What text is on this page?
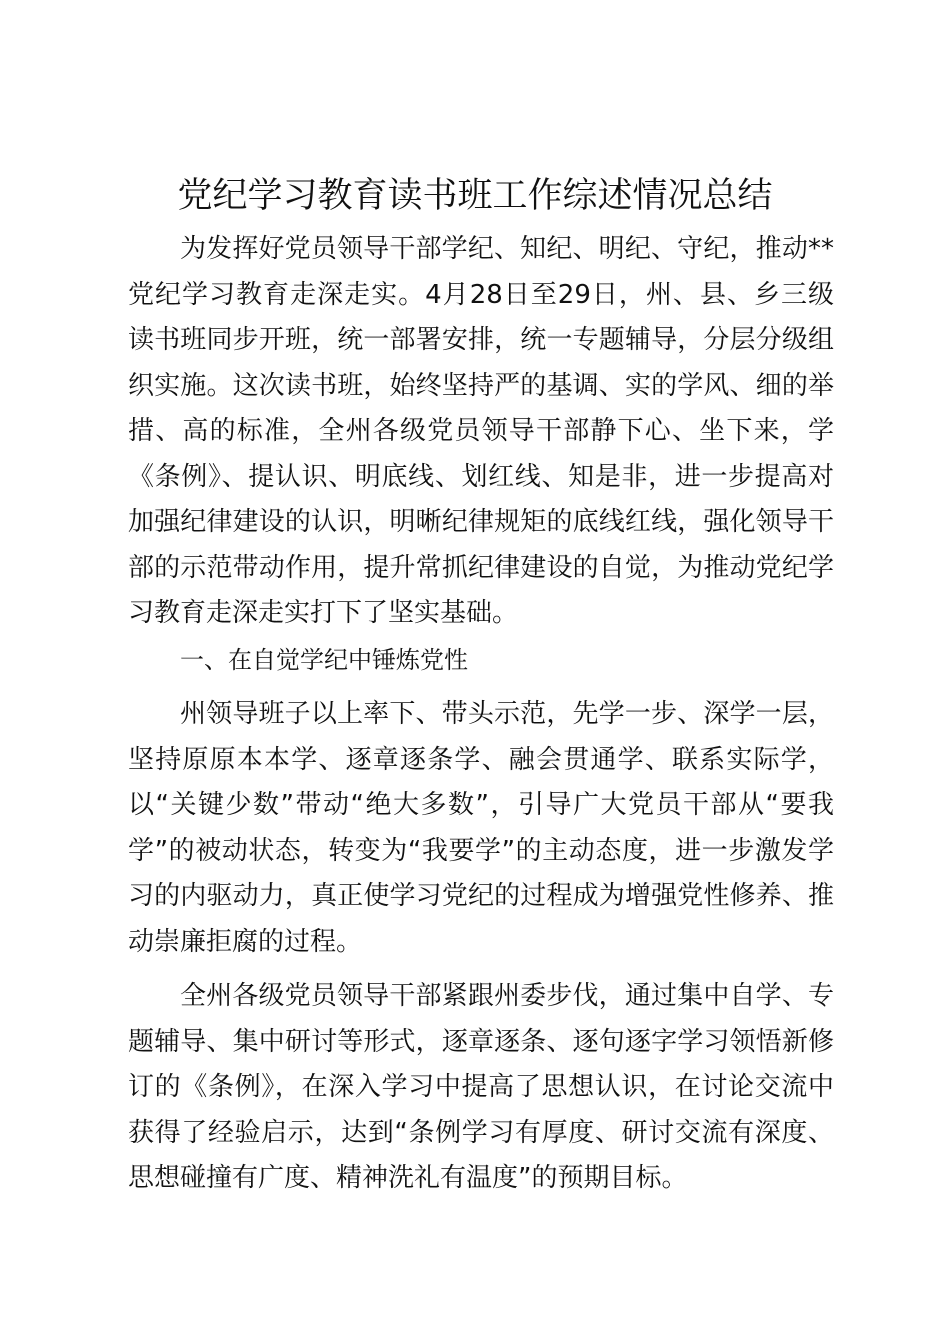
党纪学习教育读书班工作综述情况总结

为发挥好党员领导干部学纪、知纪、明纪、守纪，推动**党纪学习教育走深走实。4月28日至29日，州、县、乡三级读书班同步开班，统一部署安排，统一专题辅导，分层分级组织实施。这次读书班，始终坚持严的基调、实的学风、细的举措、高的标准，全州各级党员领导干部静下心、坐下来，学《条例》、提认识、明底线、划红线、知是非，进一步提高对加强纪律建设的认识，明晰纪律规矩的底线红线，强化领导干部的示范带动作用，提升常抓纪律建设的自觉，为推动党纪学习教育走深走实打下了坚实基础。

一、在自觉学纪中锤炼党性

州领导班子以上率下、带头示范，先学一步、深学一层，坚持原原本本学、逐章逐条学、融会贯通学、联系实际学，以“关键少数”带动“绝大多数”，引导广大党员干部从“要我学”的被动状态，转变为“我要学”的主动态度，进一步激发学习的内驱动力，真正使学习党纪的过程成为增强党性修养、推动崇廉拒腐的过程。

全州各级党员领导干部紧跟州委步伐，通过集中自学、专题辅导、集中研讨等形式，逐章逐条、逐句逐字学习领悟新修订的《条例》，在深入学习中提高了思想认识，在讨论交流中获得了经验启示，达到“条例学习有厚度、研讨交流有深度、思想碰撞有广度、精神洗礼有温度”的预期目标。
